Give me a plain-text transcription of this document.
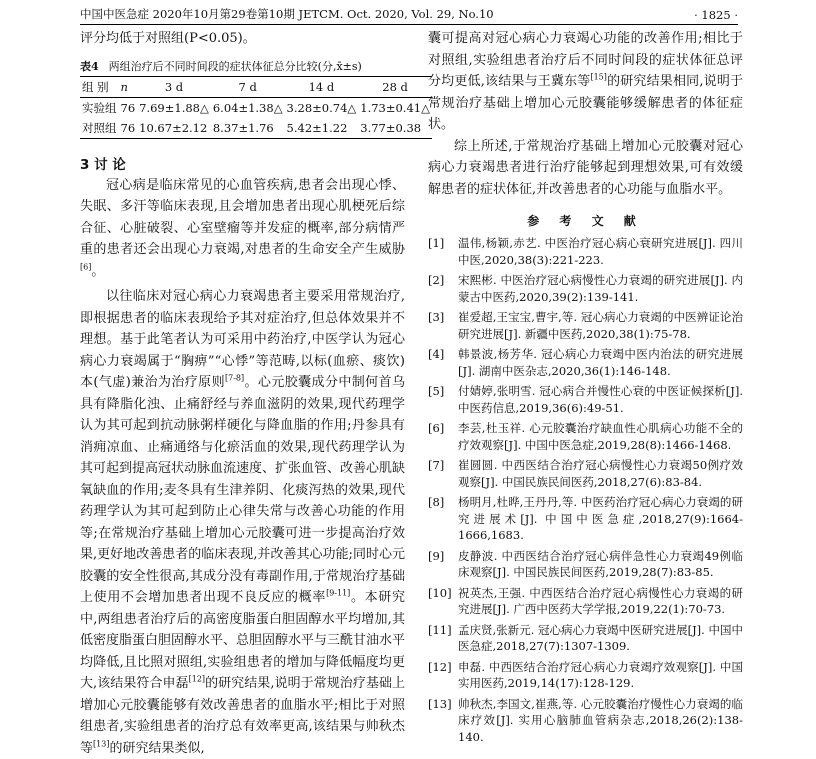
中国中医急症 2020年10月第29卷第10期 JETCM. Oct. 2020, Vol. 29, No.10	· 1825 ·

评分均低于对照组(P<0.05)。

表4 两组治疗后不同时间段的症状体征总分比较(分,x̄±s)
组 别	n	3 d	7 d	14 d	28 d
实验组	76	7.69±1.88△	6.04±1.38△	3.28±0.74△	1.73±0.41△
对照组	76	10.67±2.12	8.37±1.76	5.42±1.22	3.77±0.38
3 讨 论

冠心病是临床常见的心血管疾病,患者会出现心悸、失眠、多汗等临床表现,且会增加患者出现心肌梗死后综合征、心脏破裂、心室壁瘤等并发症的概率,部分病情严重的患者还会出现心力衰竭,对患者的生命安全产生威胁[6]。

以往临床对冠心病心力衰竭患者主要采用常规治疗,即根据患者的临床表现给予其对症治疗,但总体效果并不理想。基于此笔者认为可采用中药治疗,中医学认为冠心病心力衰竭属于“胸痹”“心悸”等范畴,以标(血瘀、痰饮)本(气虚)兼治为治疗原则[7-8]。心元胶囊成分中制何首乌具有降脂化浊、止痛舒经与养血滋阴的效果,现代药理学认为其可起到抗动脉粥样硬化与降血脂的作用;丹参具有消痈凉血、止痛通络与化瘀活血的效果,现代药理学认为其可起到提高冠状动脉血流速度、扩张血管、改善心肌缺氧缺血的作用;麦冬具有生津养阴、化痰泻热的效果,现代药理学认为其可起到防止心律失常与改善心功能的作用等;在常规治疗基础上增加心元胶囊可进一步提高治疗效果,更好地改善患者的临床表现,并改善其心功能;同时心元胶囊的安全性很高,其成分没有毒副作用,于常规治疗基础上使用不会增加患者出现不良反应的概率[9-11]。本研究中,两组患者治疗后的高密度脂蛋白胆固醇水平均增加,其低密度脂蛋白胆固醇水平、总胆固醇水平与三酰甘油水平均降低,且比照对照组,实验组患者的增加与降低幅度均更大,该结果符合申磊[12]的研究结果,说明于常规治疗基础上增加心元胶囊能够有效改善患者的血脂水平;相比于对照组患者,实验组患者的治疗总有效率更高,该结果与帅秋杰等[13]的研究结果类似,

囊可提高对冠心病心力衰竭心功能的改善作用;相比于对照组,实验组患者治疗后不同时间段的症状体征总评分均更低,该结果与王冀东等[15]的研究结果相同,说明于常规治疗基础上增加心元胶囊能够缓解患者的体征症状。

综上所述,于常规治疗基础上增加心元胶囊对冠心病心力衰竭患者进行治疗能够起到理想效果,可有效缓解患者的症状体征,并改善患者的心功能与血脂水平。

参 考 文 献
[1]	温伟,杨颖,赤艺. 中医治疗冠心病心衰研究进展[J]. 四川中医,2020,38(3):221-223.
[2]	宋熙彬. 中医治疗冠心病慢性心力衰竭的研究进展[J]. 内蒙古中医药,2020,39(2):139-141.
[3]	崔爱超,王宝宝,曹宇,等. 冠心病心力衰竭的中医辨证论治研究进展[J]. 新疆中医药,2020,38(1):75-78.
[4]	韩景波,杨芳华. 冠心病心力衰竭中医内治法的研究进展[J]. 湖南中医杂志,2020,36(1):146-148.
[5]	付婧婷,张明雪. 冠心病合并慢性心衰的中医证候探析[J]. 中医药信息,2019,36(6):49-51.
[6]	李芸,杜玉祥. 心元胶囊治疗缺血性心肌病心功能不全的疗效观察[J]. 中国中医急症,2019,28(8):1466-1468.
[7]	崔圆圆. 中西医结合治疗冠心病慢性心力衰竭50例疗效观察[J]. 中国民族民间医药,2018,27(6):83-84.
[8]	杨明月,杜晔,王丹丹,等. 中医药治疗冠心病心力衰竭的研究进展术[J]. 中国中医急症,2018,27(9):1664-1666,1683.
[9]	皮静波. 中西医结合治疗冠心病伴急性心力衰竭49例临床观察[J]. 中国民族民间医药,2019,28(7):83-85.
[10] 祝英杰,王强. 中西医结合治疗冠心病慢性心力衰竭的研究进展[J]. 广西中医药大学学报,2019,22(1):70-73.
[11] 孟庆贤,张新元. 冠心病心力衰竭中医研究进展[J]. 中国中医急症,2018,27(7):1307-1309.
[12] 申磊. 中西医结合治疗冠心病心力衰竭疗效观察[J]. 中国实用医药,2019,14(17):128-129.
[13] 帅秋杰,李国文,崔燕,等. 心元胶囊治疗慢性心力衰竭的临床疗效[J]. 实用心脑肺血管病杂志,2018,26(2):138-140.
